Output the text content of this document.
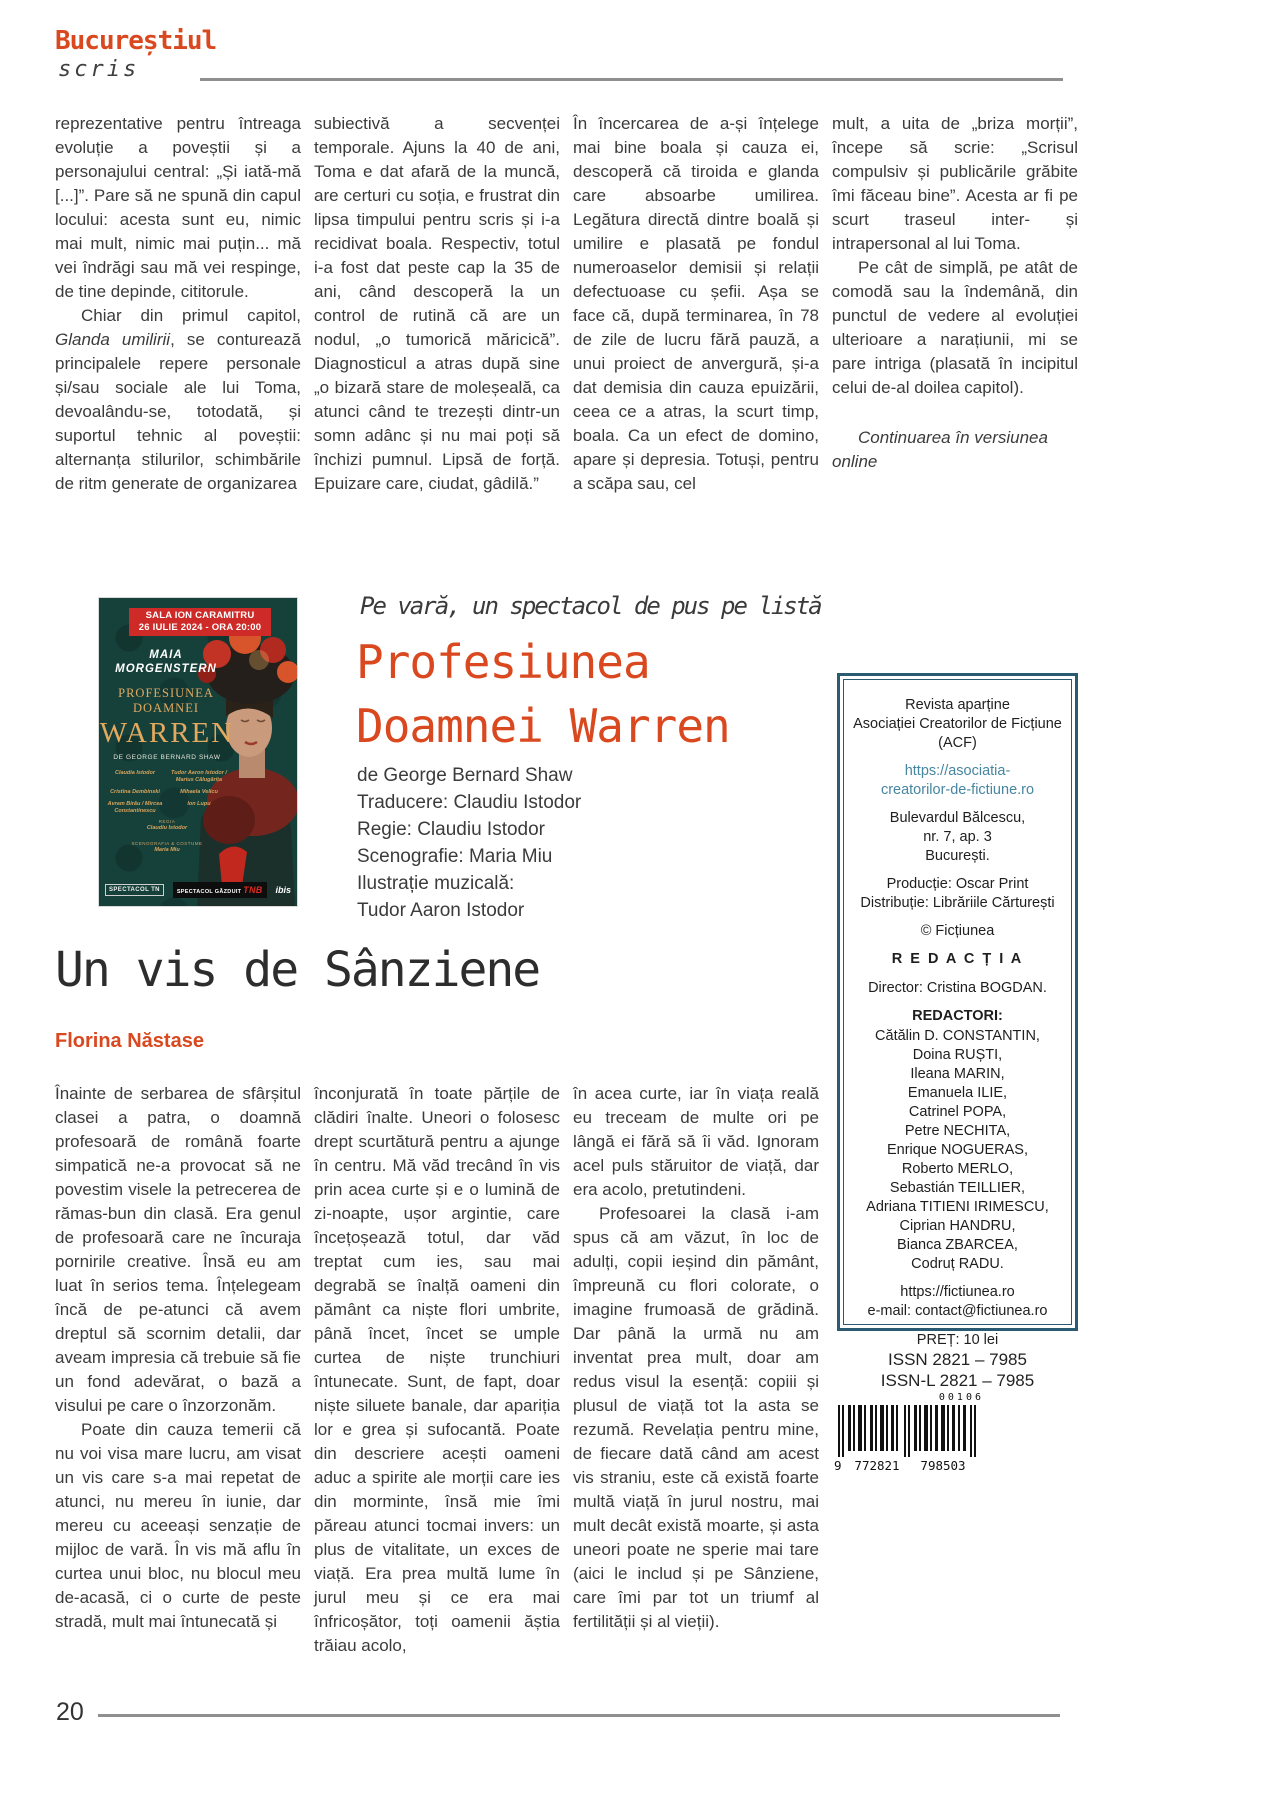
Bucureștiul
scris

reprezentative pentru întreaga evoluție a poveștii și a personajului central: „Și iată-mă [...]”. Pare să ne spună din capul locului: acesta sunt eu, nimic mai mult, nimic mai puțin... mă vei îndrăgi sau mă vei respinge, de tine depinde, cititorule.

Chiar din primul capitol, Glanda umilirii, se conturează principalele repere personale și/sau sociale ale lui Toma, devoalându-se, totodată, și suportul tehnic al poveștii: alternanța stilurilor, schimbările de ritm generate de organizarea

subiectivă a secvenței temporale. Ajuns la 40 de ani, Toma e dat afară de la muncă, are certuri cu soția, e frustrat din lipsa timpului pentru scris și i-a recidivat boala. Respectiv, totul i-a fost dat peste cap la 35 de ani, când descoperă la un control de rutină că are un nodul, „o tumorică măricică”. Diagnosticul a atras după sine „o bizară stare de moleșeală, ca atunci când te trezești dintr-un somn adânc și nu mai poți să închizi pumnul. Lipsă de forță. Epuizare care, ciudat, gâdilă.”

În încercarea de a-și înțelege mai bine boala și cauza ei, descoperă că tiroida e glanda care absoarbe umilirea. Legătura directă dintre boală și umilire e plasată pe fondul numeroaselor demisii și relații defectuoase cu șefii. Așa se face că, după terminarea, în 78 de zile de lucru fără pauză, a unui proiect de anvergură, și-a dat demisia din cauza epuizării, ceea ce a atras, la scurt timp, boala. Ca un efect de domino, apare și depresia. Totuși, pentru a scăpa sau, cel

mult, a uita de „briza morții”, începe să scrie: „Scrisul compulsiv și publicările grăbite îmi făceau bine”. Acesta ar fi pe scurt traseul inter- și intrapersonal al lui Toma.

Pe cât de simplă, pe atât de comodă sau la îndemână, din punctul de vedere al evoluției ulterioare a narațiunii, mi se pare intriga (plasată în incipitul celui de-al doilea capitol).

Continuarea în versiunea online

SALA ION CARAMITRU
26 IULIE 2024 - ORA 20:00
MAIA MORGENSTERN
PROFESIUNEA
DOAMNEI
WARREN
DE GEORGE BERNARD SHAW
Claudia Istodor	Tudor Aaron Istodor / Marius Călugărița
Cristina Dembinski	Mihaela Velicu
Avram Birău / Mircea Constantinescu
Ion Lupu
REGIA
Claudiu Istodor
SCENOGRAFIA & COSTUME
Maria Miu
SPECTACOL TN	SPECTACOL GĂZDUIT TNB	ibis
Pe vară, un spectacol de pus pe listă
Profesiunea
Doamnei Warren
de George Bernard Shaw
Traducere: Claudiu Istodor
Regie: Claudiu Istodor
Scenografie: Maria Miu
Ilustrație muzicală:
Tudor Aaron Istodor
Un vis de Sânziene
Florina Năstase

Înainte de serbarea de sfârșitul clasei a patra, o doamnă profesoară de română foarte simpatică ne-a provocat să ne povestim visele la petrecerea de rămas-bun din clasă. Era genul de profesoară care ne încuraja pornirile creative. Însă eu am luat în serios tema. Înțelegeam încă de pe-atunci că avem dreptul să scornim detalii, dar aveam impresia că trebuie să fie un fond adevărat, o bază a visului pe care o înzorzonăm.

Poate din cauza temerii că nu voi visa mare lucru, am visat un vis care s-a mai repetat de atunci, nu mereu în iunie, dar mereu cu aceeași senzație de mijloc de vară. În vis mă aflu în curtea unui bloc, nu blocul meu de-acasă, ci o curte de peste stradă, mult mai întunecată și

înconjurată în toate părțile de clădiri înalte. Uneori o folosesc drept scurtătură pentru a ajunge în centru. Mă văd trecând în vis prin acea curte și e o lumină de zi-noapte, ușor argintie, care încețoșează totul, dar văd treptat cum ies, sau mai degrabă se înalță oameni din pământ ca niște flori umbrite, până încet, încet se umple curtea de niște trunchiuri întunecate. Sunt, de fapt, doar niște siluete banale, dar apariția lor e grea și sufocantă. Poate din descriere acești oameni aduc a spirite ale morții care ies din morminte, însă mie îmi păreau atunci tocmai invers: un plus de vitalitate, un exces de viață. Era prea multă lume în jurul meu și ce era mai înfricoșător, toți oamenii ăștia trăiau acolo,

în acea curte, iar în viața reală eu treceam de multe ori pe lângă ei fără să îi văd. Ignoram acel puls stăruitor de viață, dar era acolo, pretutindeni.

Profesoarei la clasă i-am spus că am văzut, în loc de adulți, copii ieșind din pământ, împreună cu flori colorate, o imagine frumoasă de grădină. Dar până la urmă nu am inventat prea mult, doar am redus visul la esență: copiii și plusul de viață tot la asta se rezumă. Revelația pentru mine, de fiecare dată când am acest vis straniu, este că există foarte multă viață în jurul nostru, mai mult decât există moarte, și asta uneori poate ne sperie mai tare (aici le includ și pe Sânziene, care îmi par tot un triumf al fertilității și al vieții).

Revista aparține
Asociației Creatorilor de Ficțiune
(ACF)
https://asociatia-
creatorilor-de-fictiune.ro
Bulevardul Bălcescu,
nr. 7, ap. 3
București.
Producție: Oscar Print
Distribuție: Librăriile Cărturești
© Ficțiunea
R E D A C Ț I A
Director: Cristina BOGDAN.
REDACTORI:
Cătălin D. CONSTANTIN,
Doina RUȘTI,
Ileana MARIN,
Emanuela ILIE,
Catrinel POPA,
Petre NECHITA,
Enrique NOGUERAS,
Roberto MERLO,
Sebastián TEILLIER,
Adriana TITIENI IRIMESCU,
Ciprian HANDRU,
Bianca ZBARCEA,
Codruț RADU.
https://fictiunea.ro
e-mail: contact@fictiunea.ro
PREȚ: 10 lei
ISSN 2821 – 7985
ISSN-L 2821 – 7985
00106
9	772821	798503
20
